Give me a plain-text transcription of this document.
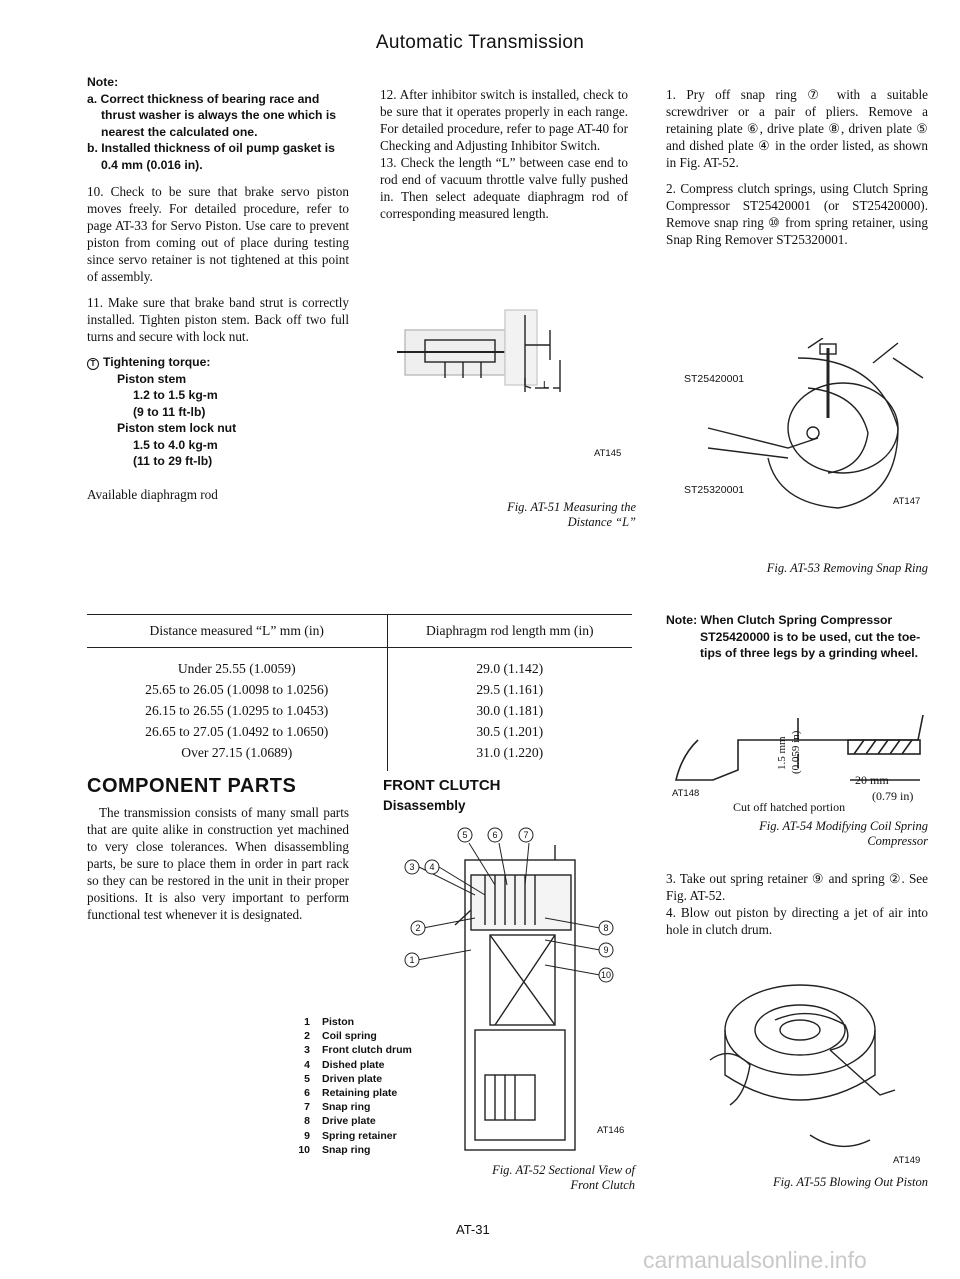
Automatic Transmission
Note:
a. Correct thickness of bearing race and thrust washer is always the one which is nearest the calculated one.
b. Installed thickness of oil pump gasket is 0.4 mm (0.016 in).

10. Check to be sure that brake servo piston moves freely. For detailed procedure, refer to page AT-33 for Servo Piston. Use care to prevent piston from coming out of place during testing since servo retainer is not tightened at this point of assembly.

11. Make sure that brake band strut is correctly installed. Tighten piston stem. Back off two full turns and secure with lock nut.

T Tightening torque:
Piston stem
1.2 to 1.5 kg-m
(9 to 11 ft-lb)
Piston stem lock nut
1.5 to 4.0 kg-m
(11 to 29 ft-lb)
Available diaphragm rod

12. After inhibitor switch is installed, check to be sure that it operates properly in each range. For detailed procedure, refer to page AT-40 for Checking and Adjusting Inhibitor Switch.

13. Check the length “L” between case end to rod end of vacuum throttle valve fully pushed in. Then select adequate diaphragm rod of corresponding measured length.

L
AT145
Fig. AT-51 Measuring the Distance “L”
Distance measured “L” mm (in)	Diaphragm rod length mm (in)
Under 25.55 (1.0059)	29.0 (1.142)
25.65 to 26.05 (1.0098 to 1.0256)	29.5 (1.161)
26.15 to 26.55 (1.0295 to 1.0453)	30.0 (1.181)
26.65 to 27.05 (1.0492 to 1.0650)	30.5 (1.201)
Over 27.15 (1.0689)	31.0 (1.220)
COMPONENT PARTS
The transmission consists of many small parts that are quite alike in construction yet machined to very close tolerances. When disassembling parts, be sure to place them in order in part rack so they can be restored in the unit in their proper positions. It is also very important to perform functional test whenever it is designated.
FRONT CLUTCH
Disassembly
3 4
5	6	7
2
1
8
9
10
1 Piston
2 Coil spring
3 Front clutch drum
4 Dished plate
5 Driven plate
6 Retaining plate
7 Snap ring
8 Drive plate
9 Spring retainer
10 Snap ring
AT146
Fig. AT-52 Sectional View of
Front Clutch

1. Pry off snap ring ⑦ with a suitable screwdriver or a pair of pliers. Remove a retaining plate ⑥, drive plate ⑧, driven plate ⑤ and dished plate ④ in the order listed, as shown in Fig. AT-52.

2. Compress clutch springs, using Clutch Spring Compressor ST25420001 (or ST25420000). Remove snap ring ⑩ from spring retainer, using Snap Ring Remover ST25320001.

ST25420001
ST25320001
AT147
Fig. AT-53 Removing Snap Ring
Note: When Clutch Spring Compressor ST25420000 is to be used, cut the toe-tips of three legs by a grinding wheel.
AT148
1.5 mm (0.059 in)
20 mm
(0.79 in)
Cut off hatched portion
Fig. AT-54 Modifying Coil Spring
Compressor
3. Take out spring retainer ⑨ and spring ②. See Fig. AT-52.
4. Blow out piston by directing a jet of air into hole in clutch drum.
AT149
Fig. AT-55 Blowing Out Piston
AT-31
carmanualsonline.info
